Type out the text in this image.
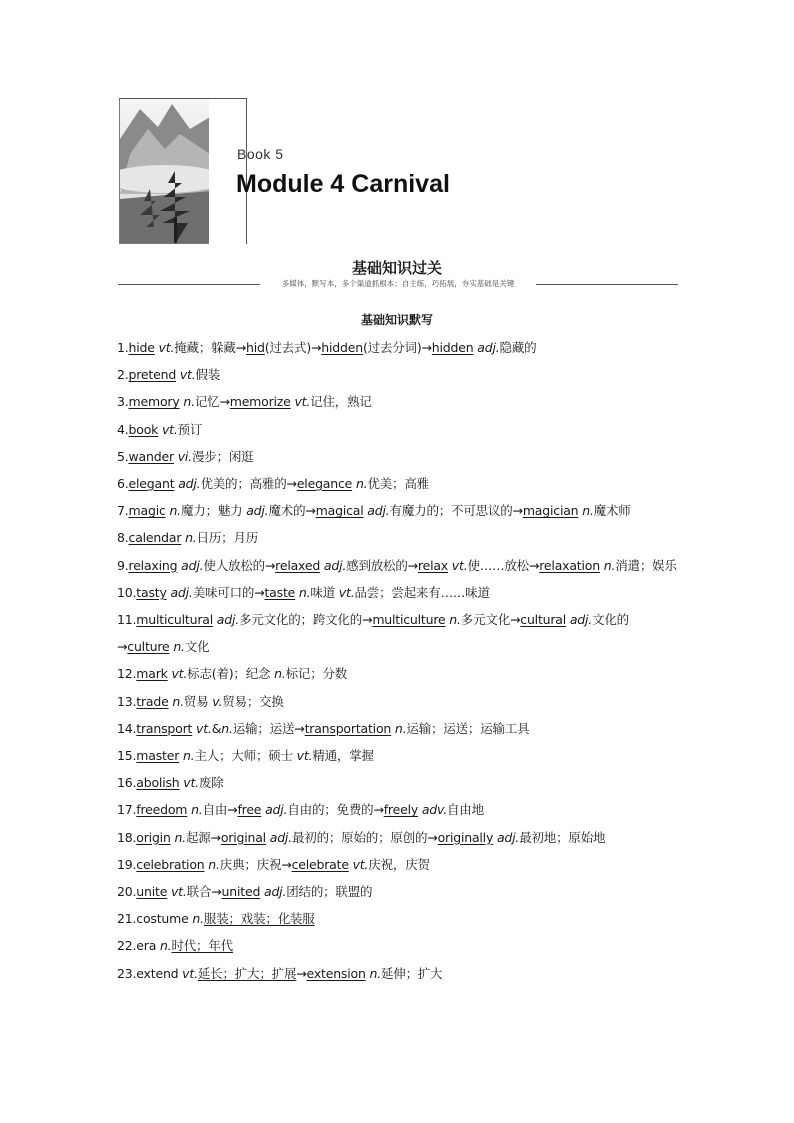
Book 5
Module 4 Carnival
基础知识过关
多媒体，默写本，多个渠道抓根本；自主练，巧拓展，夯实基础是关键
基础知识默写
1.hide vt.掩藏；躲藏→hid(过去式)→hidden(过去分词)→hidden adj.隐藏的
2.pretend vt.假装
3.memory n.记忆→memorize vt.记住，熟记
4.book vt.预订
5.wander vi.漫步；闲逛
6.elegant adj.优美的；高雅的→elegance n.优美；高雅
7.magic n.魔力；魅力 adj.魔术的→magical adj.有魔力的；不可思议的→magician n.魔术师
8.calendar n.日历；月历
9.relaxing adj.使人放松的→relaxed adj.感到放松的→relax vt.使……放松→relaxation n.消遣；娱乐
10.tasty adj.美味可口的→taste n.味道 vt.品尝；尝起来有……味道
11.multicultural adj.多元文化的；跨文化的→multiculture n.多元文化→cultural adj.文化的→culture n.文化
12.mark vt.标志(着)；纪念 n.标记；分数
13.trade n.贸易 v.贸易；交换
14.transport vt.&n.运输；运送→transportation n.运输；运送；运输工具
15.master n.主人；大师；硕士 vt.精通，掌握
16.abolish vt.废除
17.freedom n.自由→free adj.自由的；免费的→freely adv.自由地
18.origin n.起源→original adj.最初的；原始的；原创的→originally adj.最初地；原始地
19.celebration n.庆典；庆祝→celebrate vt.庆祝，庆贺
20.unite vt.联合→united adj.团结的；联盟的
21.costume n.服装；戏装；化装服
22.era n.时代；年代
23.extend vt.延长；扩大；扩展→extension n.延伸；扩大
